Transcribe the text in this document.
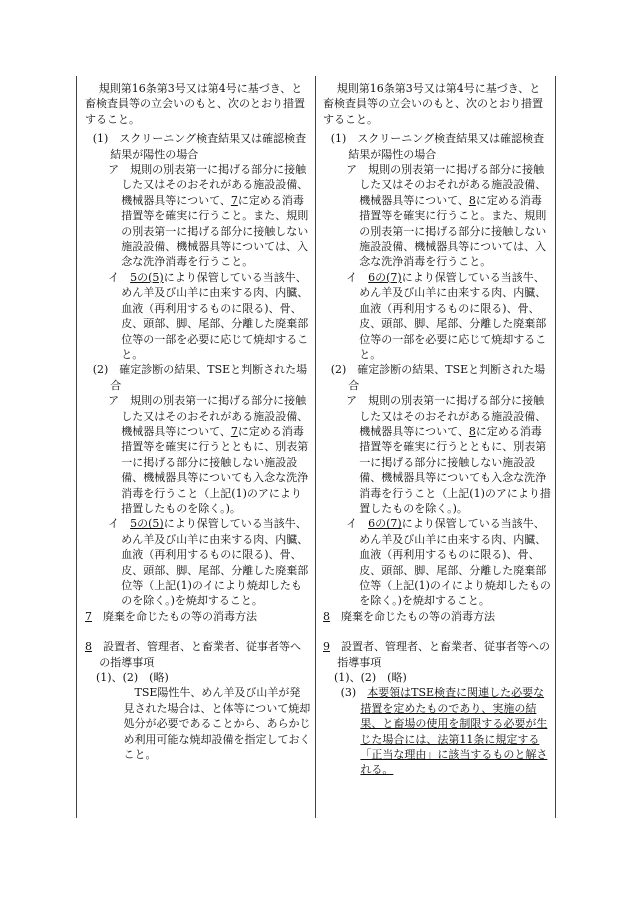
規則第16条第3号又は第4号に基づき、と畜検査員等の立会いのもと、次のとおり措置すること。

(1)　スクリーニング検査結果又は確認検査結果が陽性の場合

ア　規則の別表第一に掲げる部分に接触した又はそのおそれがある施設設備、機械器具等について、7に定める消毒措置等を確実に行うこと。また、規則の別表第一に掲げる部分に接触しない施設設備、機械器具等については、入念な洗浄消毒を行うこと。

イ　5の(5)により保管している当該牛、めん羊及び山羊に由来する肉、内臓、血液（再利用するものに限る)、骨、皮、頭部、脚、尾部、分離した廃棄部位等の一部を必要に応じて焼却すること。

(2)　確定診断の結果、TSEと判断された場合

ア　規則の別表第一に掲げる部分に接触した又はそのおそれがある施設設備、機械器具等について、7に定める消毒措置等を確実に行うとともに、別表第一に掲げる部分に接触しない施設設備、機械器具等についても入念な洗浄消毒を行うこと（上記(1)のアにより措置したものを除く。)。

イ　5の(5)により保管している当該牛、めん羊及び山羊に由来する肉、内臓、血液（再利用するものに限る)、骨、皮、頭部、脚、尾部、分離した廃棄部位等（上記(1)のイにより焼却したものを除く。)を焼却すること。

7　 廃棄を命じたもの等の消毒方法

8　 設置者、管理者、と畜業者、従事者等への指導事項

(1)、(2)　(略)

TSE陽性牛、めん羊及び山羊が発見された場合は、と体等について焼却処分が必要であることから、あらかじめ利用可能な焼却設備を指定しておくこと。

規則第16条第3号又は第4号に基づき、と畜検査員等の立会いのもと、次のとおり措置すること。

(1)　スクリーニング検査結果又は確認検査結果が陽性の場合

ア　規則の別表第一に掲げる部分に接触した又はそのおそれがある施設設備、機械器具等について、8に定める消毒措置等を確実に行うこと。また、規則の別表第一に掲げる部分に接触しない施設設備、機械器具等については、入念な洗浄消毒を行うこと。

イ　6の(7)により保管している当該牛、めん羊及び山羊に由来する肉、内臓、血液（再利用するものに限る)、骨、皮、頭部、脚、尾部、分離した廃棄部位等の一部を必要に応じて焼却すること。

(2)　確定診断の結果、TSEと判断された場合

ア　規則の別表第一に掲げる部分に接触した又はそのおそれがある施設設備、機械器具等について、8に定める消毒措置等を確実に行うとともに、別表第一に掲げる部分に接触しない施設設備、機械器具等についても入念な洗浄消毒を行うこと（上記(1)のアにより措置したものを除く。)。

イ　6の(7)により保管している当該牛、めん羊及び山羊に由来する肉、内臓、血液（再利用するものに限る)、骨、皮、頭部、脚、尾部、分離した廃棄部位等（上記(1)のイにより焼却したものを除く。)を焼却すること。

8　 廃棄を命じたもの等の消毒方法

9　 設置者、管理者、と畜業者、従事者等への指導事項

(1)、(2)　(略)

(3)　本要領はTSE検査に関連した必要な措置を定めたものであり、実施の結果、と畜場の使用を制限する必要が生じた場合には、法第11条に規定する「正当な理由」に該当するものと解される。
